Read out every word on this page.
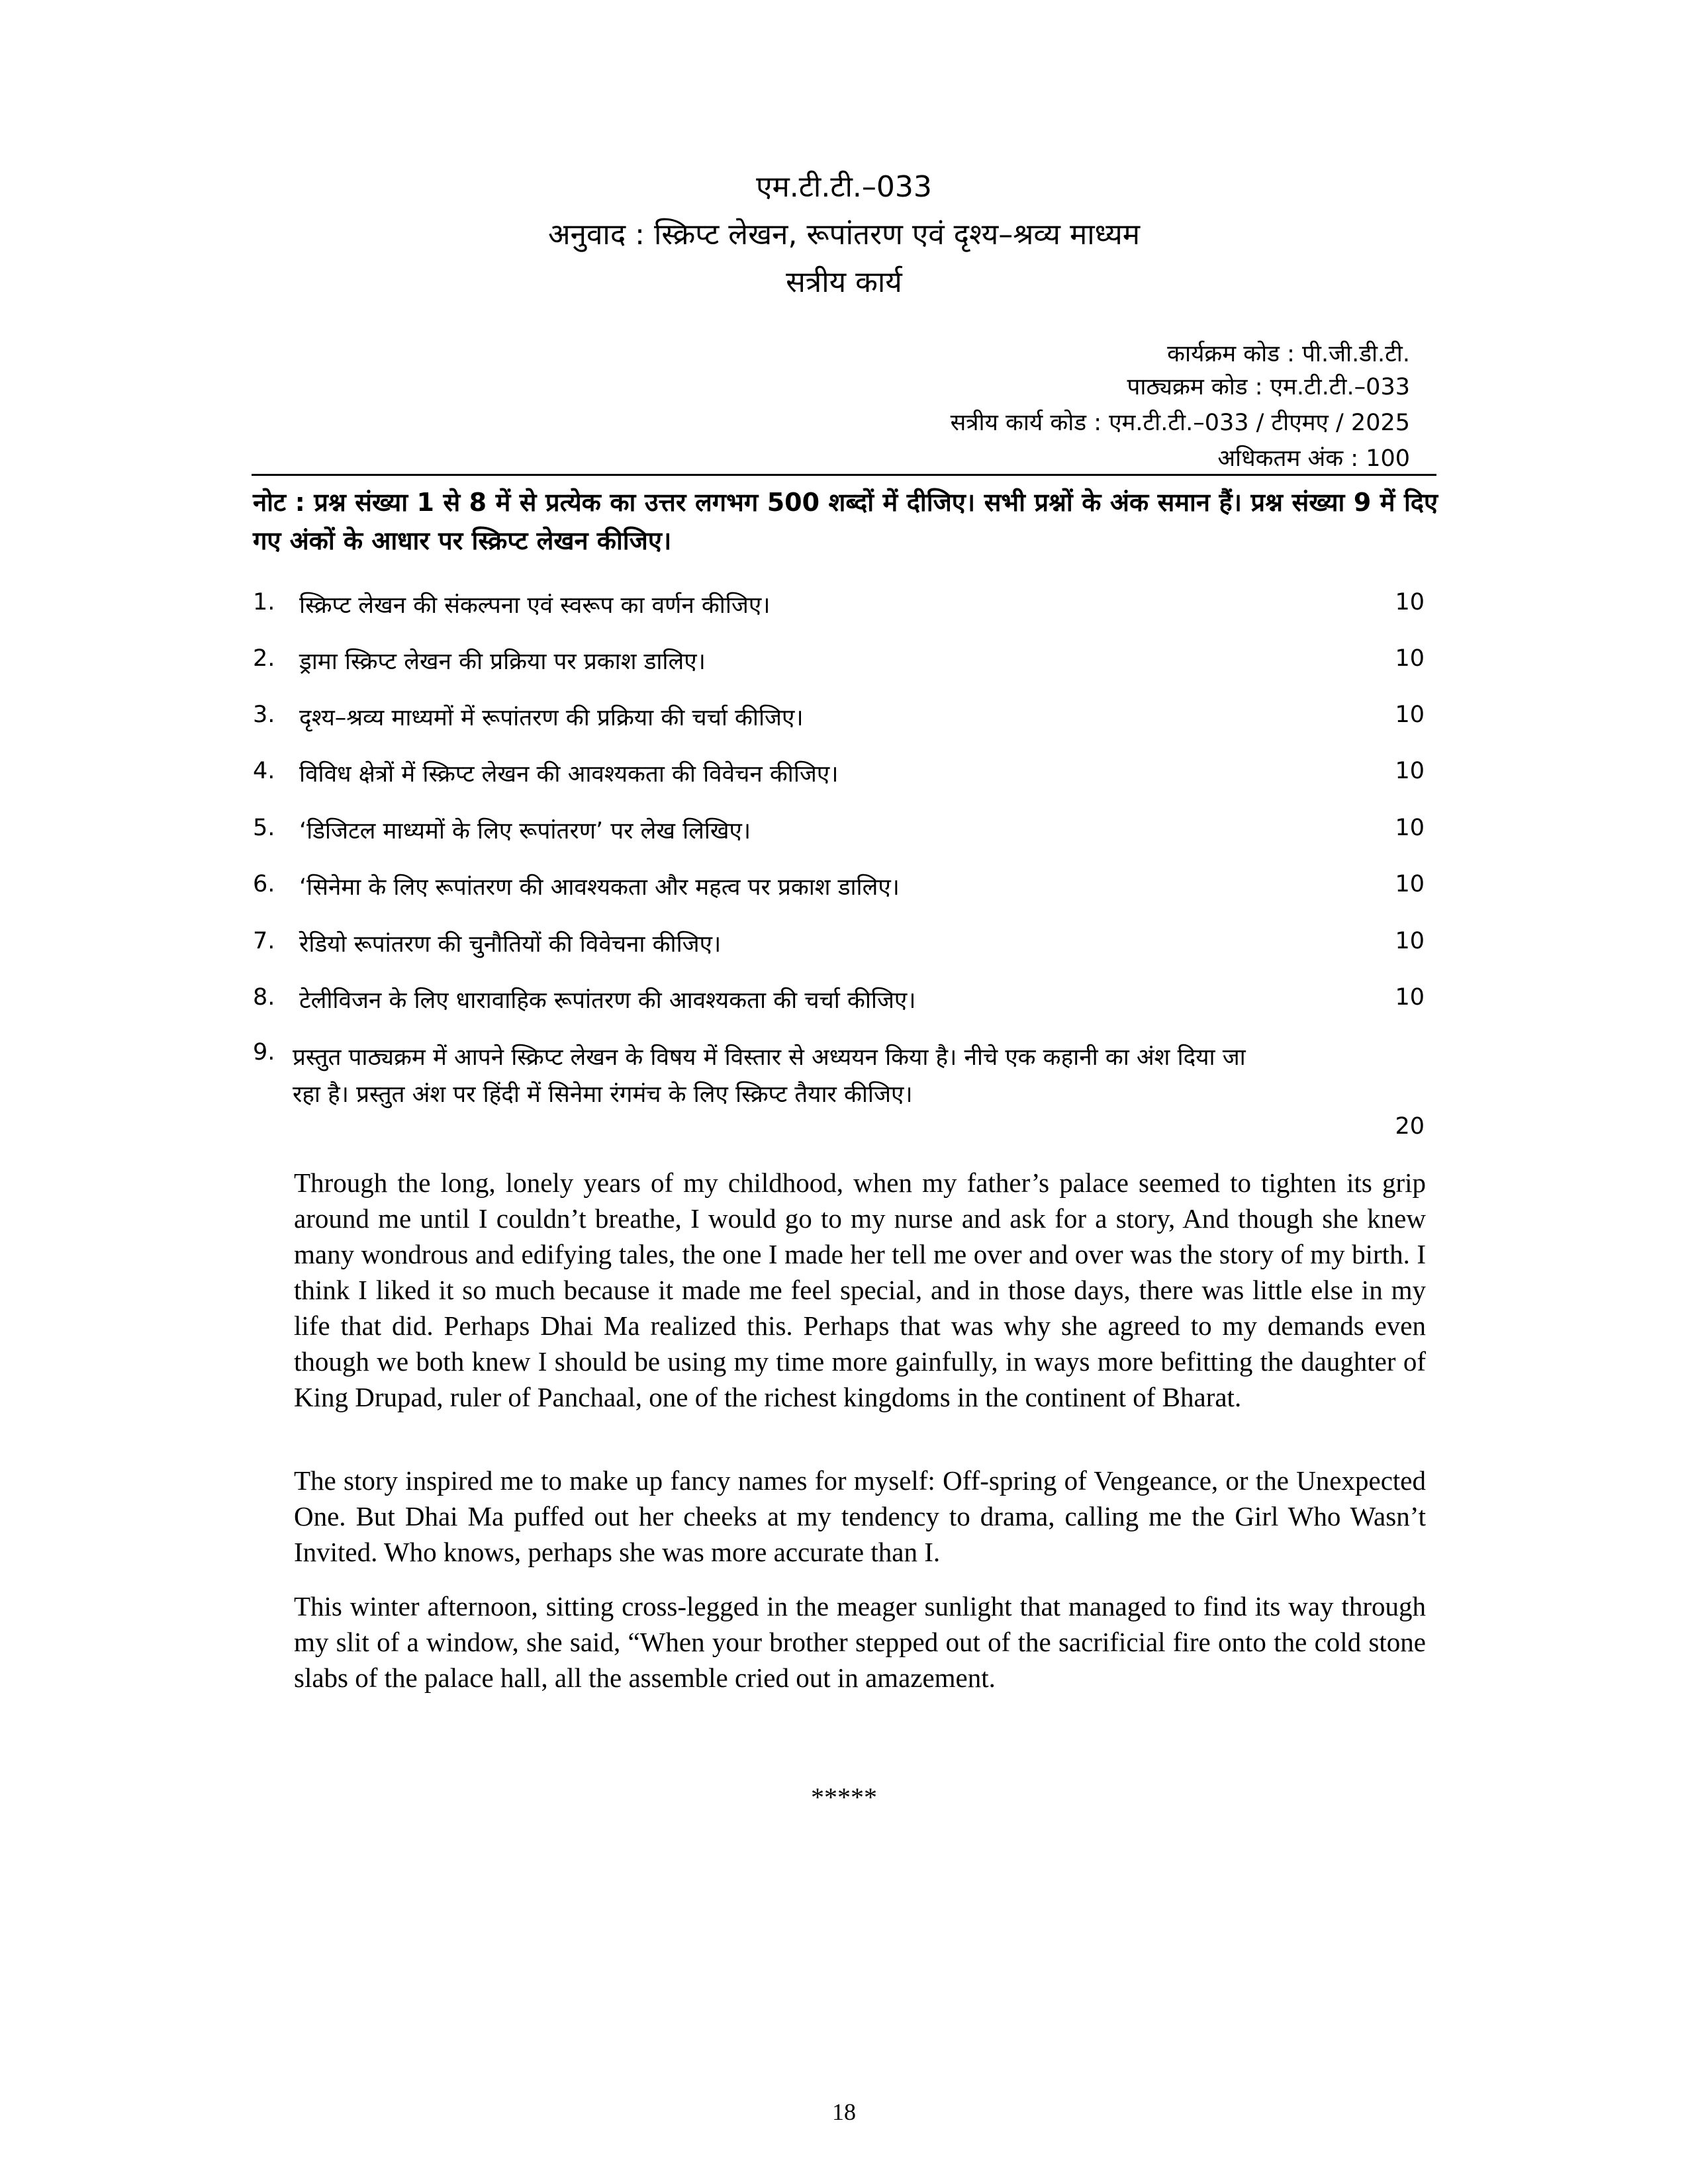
एम.टी.टी.–033
अनुवाद : स्क्रिप्ट लेखन, रूपांतरण एवं दृश्य–श्रव्य माध्यम
सत्रीय कार्य
कार्यक्रम कोड : पी.जी.डी.टी.
पाठ्यक्रम कोड : एम.टी.टी.–033
सत्रीय कार्य कोड : एम.टी.टी.–033 / टीएमए / 2025
अधिकतम अंक : 100
नोट : प्रश्न संख्या 1 से 8 में से प्रत्येक का उत्तर लगभग 500 शब्दों में दीजिए। सभी प्रश्नों के अंक समान हैं। प्रश्न संख्या 9 में दिए गए अंकों के आधार पर स्क्रिप्ट लेखन कीजिए।
1. स्क्रिप्ट लेखन की संकल्पना एवं स्वरूप का वर्णन कीजिए।	10
2. ड्रामा स्क्रिप्ट लेखन की प्रक्रिया पर प्रकाश डालिए।	10
3. दृश्य–श्रव्य माध्यमों में रूपांतरण की प्रक्रिया की चर्चा कीजिए।	10
4. विविध क्षेत्रों में स्क्रिप्ट लेखन की आवश्यकता की विवेचन कीजिए।	10
5. ‘डिजिटल माध्यमों के लिए रूपांतरण’ पर लेख लिखिए।	10
6. ‘सिनेमा के लिए रूपांतरण की आवश्यकता और महत्व पर प्रकाश डालिए।	10
7. रेडियो रूपांतरण की चुनौतियों की विवेचना कीजिए।	10
8. टेलीविजन के लिए धारावाहिक रूपांतरण की आवश्यकता की चर्चा कीजिए।	10
9. प्रस्तुत पाठ्यक्रम में आपने स्क्रिप्ट लेखन के विषय में विस्तार से अध्ययन किया है। नीचे एक कहानी का अंश दिया जा रहा है। प्रस्तुत अंश पर हिंदी में सिनेमा रंगमंच के लिए स्क्रिप्ट तैयार कीजिए।
20

Through the long, lonely years of my childhood, when my father’s palace seemed to tighten its grip around me until I couldn’t breathe, I would go to my nurse and ask for a story, And though she knew many wondrous and edifying tales, the one I made her tell me over and over was the story of my birth. I think I liked it so much because it made me feel special, and in those days, there was little else in my life that did. Perhaps Dhai Ma realized this. Perhaps that was why she agreed to my demands even though we both knew I should be using my time more gainfully, in ways more befitting the daughter of King Drupad, ruler of Panchaal, one of the richest kingdoms in the continent of Bharat.

The story inspired me to make up fancy names for myself: Off-spring of Vengeance, or the Unexpected One. But Dhai Ma puffed out her cheeks at my tendency to drama, calling me the Girl Who Wasn’t Invited. Who knows, perhaps she was more accurate than I.

This winter afternoon, sitting cross-legged in the meager sunlight that managed to find its way through my slit of a window, she said, “When your brother stepped out of the sacrificial fire onto the cold stone slabs of the palace hall, all the assemble cried out in amazement.

*****
18
